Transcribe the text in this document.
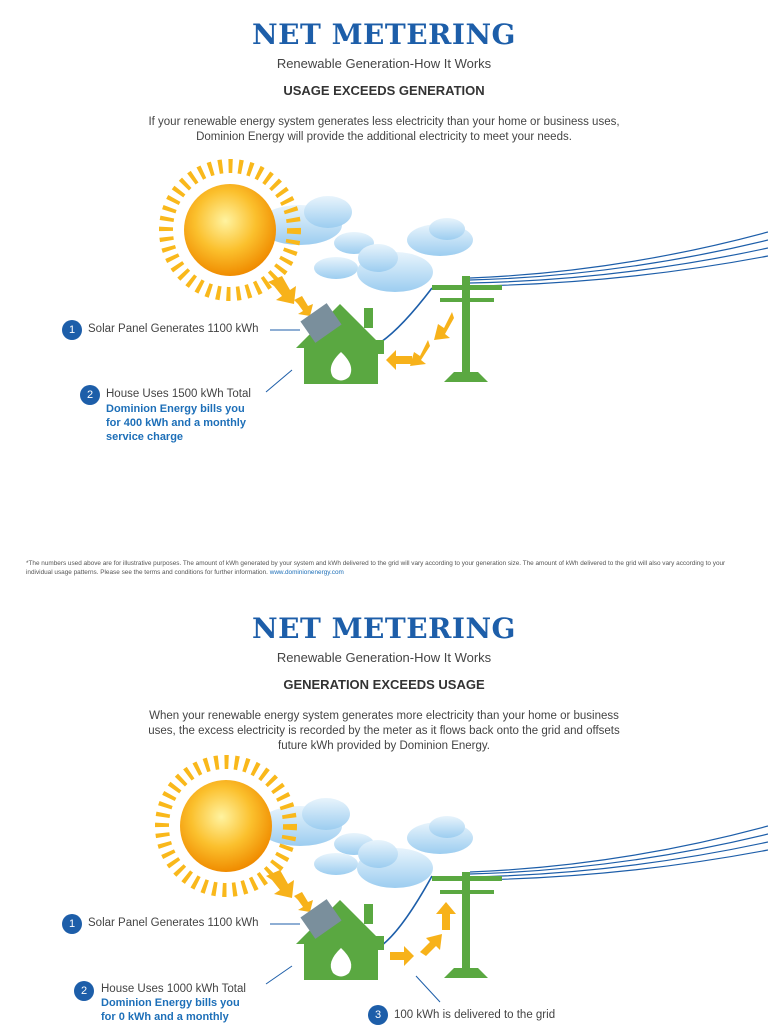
NET METERING
Renewable Generation-How It Works
USAGE EXCEEDS GENERATION
If your renewable energy system generates less electricity than your home or business uses, Dominion Energy will provide the additional electricity to meet your needs.
1	Solar Panel Generates 1100 kWh
2	House Uses 1500 kWh Total
Dominion Energy bills you
for 400 kWh and a monthly
service charge
*The numbers used above are for illustrative purposes. The amount of kWh generated by your system and kWh delivered to the grid will vary according to your generation size. The amount of kWh delivered to the grid will also vary according to your individual usage patterns. Please see the terms and conditions for further information. www.dominionenergy.com
NET METERING
Renewable Generation-How It Works
GENERATION EXCEEDS USAGE
When your renewable energy system generates more electricity than your home or business uses, the excess electricity is recorded by the meter as it flows back onto the grid and offsets future kWh provided by Dominion Energy.
1	Solar Panel Generates 1100 kWh
2	House Uses 1000 kWh Total
Dominion Energy bills you
for 0 kWh and a monthly	3	100 kWh is delivered to the grid
